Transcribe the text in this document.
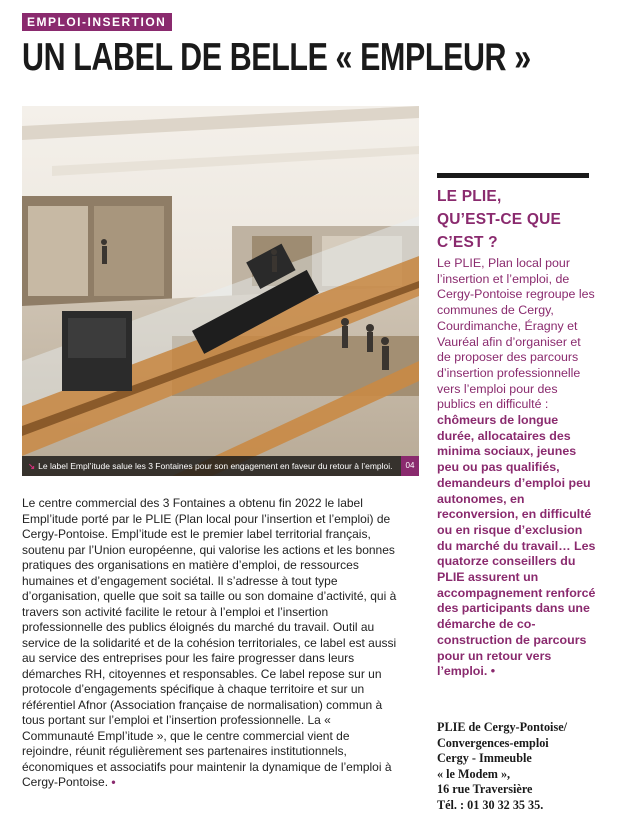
EMPLOI-INSERTION
UN LABEL DE BELLE « EMPLEUR »
↘ Le label Empl’itude salue les 3 Fontaines pour son engagement en faveur du retour à l’emploi.	04
LE PLIE,
QU’EST-CE QUE
C’EST ?
Le PLIE, Plan local pour l’insertion et l’emploi, de Cergy-Pontoise regroupe les communes de Cergy, Courdimanche, Éragny et Vauréal afin d’organiser et de proposer des parcours d’insertion professionnelle vers l’emploi pour des publics en difficulté : chômeurs de longue durée, allocataires des minima sociaux, jeunes peu ou pas qualifiés, demandeurs d’emploi peu autonomes, en reconversion, en difficulté ou en risque d’exclusion du marché du travail… Les quatorze conseillers du PLIE assurent un accompagnement renforcé des participants dans une démarche de co-construction de parcours pour un retour vers l’emploi. •
PLIE de Cergy-Pontoise/
Convergences-emploi
Cergy - Immeuble
« le Modem »,
16 rue Traversière
Tél. : 01 30 32 35 35.
Le centre commercial des 3 Fontaines a obtenu fin 2022 le label Empl’itude porté par le PLIE (Plan local pour l’insertion et l’emploi) de Cergy-Pontoise. Empl’itude est le premier label territorial français, soutenu par l’Union européenne, qui valorise les actions et les bonnes pratiques des organisations en matière d’emploi, de ressources humaines et d’engagement sociétal. Il s’adresse à tout type d’organisation, quelle que soit sa taille ou son domaine d’activité, qui à travers son activité facilite le retour à l’emploi et l’insertion professionnelle des publics éloignés du marché du travail. Outil au service de la solidarité et de la cohésion territoriales, ce label est aussi au service des entreprises pour les faire progresser dans leurs démarches RH, citoyennes et responsables. Ce label repose sur un protocole d’engagements spécifique à chaque territoire et sur un référentiel Afnor (Association française de normalisation) commun à tous portant sur l’emploi et l’insertion professionnelle. La « Communauté Empl’itude », que le centre commercial vient de rejoindre, réunit régulièrement ses partenaires institutionnels, économiques et associatifs pour maintenir la dynamique de l’emploi à Cergy-Pontoise. •
